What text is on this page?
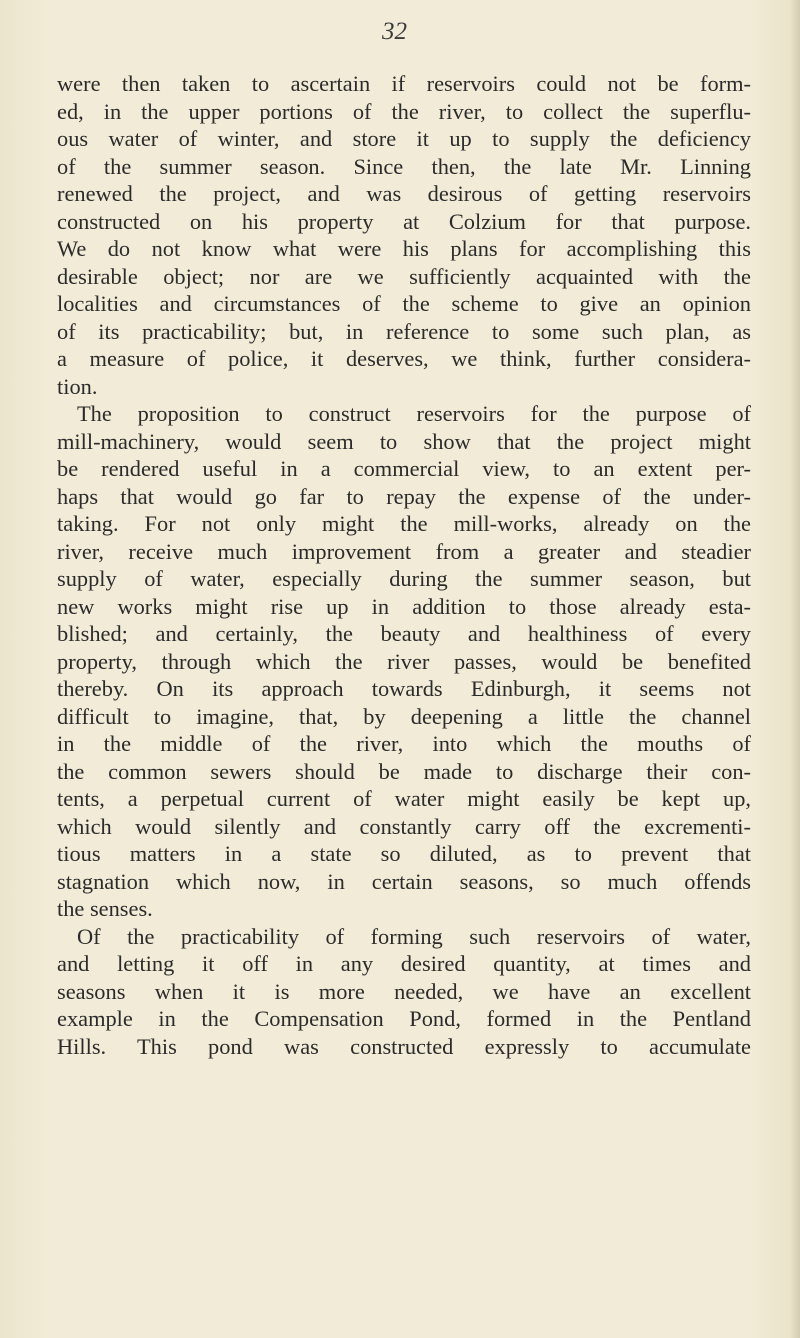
32
were then taken to ascertain if reservoirs could not be form-
ed, in the upper portions of the river, to collect the superflu-
ous water of winter, and store it up to supply the deficiency
of the summer season. Since then, the late Mr. Linning
renewed the project, and was desirous of getting reservoirs
constructed on his property at Colzium for that purpose.
We do not know what were his plans for accomplishing this
desirable object; nor are we sufficiently acquainted with the
localities and circumstances of the scheme to give an opinion
of its practicability; but, in reference to some such plan, as
a measure of police, it deserves, we think, further considera-
tion.
The proposition to construct reservoirs for the purpose of
mill-machinery, would seem to show that the project might
be rendered useful in a commercial view, to an extent per-
haps that would go far to repay the expense of the under-
taking. For not only might the mill-works, already on the
river, receive much improvement from a greater and steadier
supply of water, especially during the summer season, but
new works might rise up in addition to those already esta-
blished; and certainly, the beauty and healthiness of every
property, through which the river passes, would be benefited
thereby. On its approach towards Edinburgh, it seems not
difficult to imagine, that, by deepening a little the channel
in the middle of the river, into which the mouths of
the common sewers should be made to discharge their con-
tents, a perpetual current of water might easily be kept up,
which would silently and constantly carry off the excrementi-
tious matters in a state so diluted, as to prevent that
stagnation which now, in certain seasons, so much offends
the senses.
Of the practicability of forming such reservoirs of water,
and letting it off in any desired quantity, at times and
seasons when it is more needed, we have an excellent
example in the Compensation Pond, formed in the Pentland
Hills. This pond was constructed expressly to accumulate
